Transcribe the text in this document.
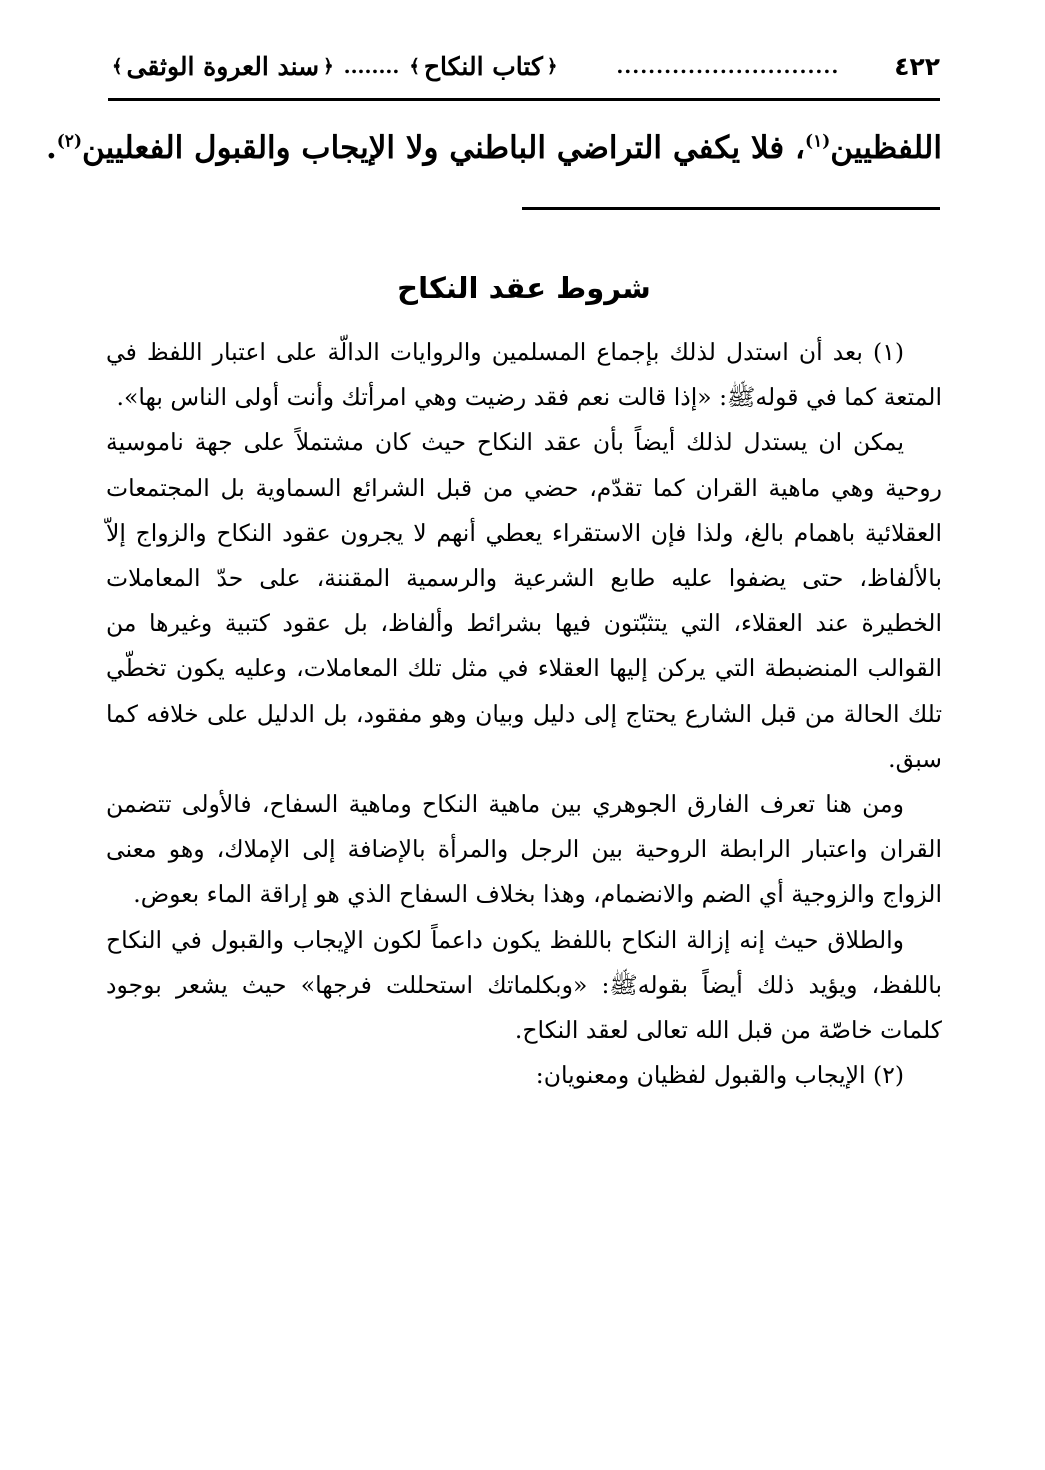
٤٢٢
............................
﴿
كتاب النكاح
﴾
........
﴿
سند العروة الوثقى
﴾
اللفظيين$^{(١)}$، فلا يكفي التراضي الباطني ولا الإيجاب والقبول الفعليين$^{(٢)}$.
شروط عقد النكاح

(١) بعد أن استدل لذلك بإجماع المسلمين والروايات الدالّة على اعتبار اللفظ في المتعة كما في قولهﷺ: «إذا قالت نعم فقد رضيت وهي امرأتك وأنت أولى الناس بها».

يمكن ان يستدل لذلك أيضاً بأن عقد النكاح حيث كان مشتملاً على جهة ناموسية روحية وهي ماهية القران كما تقدّم، حضي من قبل الشرائع السماوية بل المجتمعات العقلائية باهمام بالغ، ولذا فإن الاستقراء يعطي أنهم لا يجرون عقود النكاح والزواج إلاّ بالألفاظ، حتى يضفوا عليه طابع الشرعية والرسمية المقننة، على حدّ المعاملات الخطيرة عند العقلاء، التي يتثبّتون فيها بشرائط وألفاظ، بل عقود كتبية وغيرها من القوالب المنضبطة التي يركن إليها العقلاء في مثل تلك المعاملات، وعليه يكون تخطّي تلك الحالة من قبل الشارع يحتاج إلى دليل وبيان وهو مفقود، بل الدليل على خلافه كما سبق.

ومن هنا تعرف الفارق الجوهري بين ماهية النكاح وماهية السفاح، فالأولى تتضمن القران واعتبار الرابطة الروحية بين الرجل والمرأة بالإضافة إلى الإملاك، وهو معنى الزواج والزوجية أي الضم والانضمام، وهذا بخلاف السفاح الذي هو إراقة الماء بعوض.

والطلاق حيث إنه إزالة النكاح باللفظ يكون داعماً لكون الإيجاب والقبول في النكاح باللفظ، ويؤيد ذلك أيضاً بقولهﷺ: «وبكلماتك استحللت فرجها» حيث يشعر بوجود كلمات خاصّة من قبل الله تعالى لعقد النكاح.

(٢) الإيجاب والقبول لفظيان ومعنويان:
